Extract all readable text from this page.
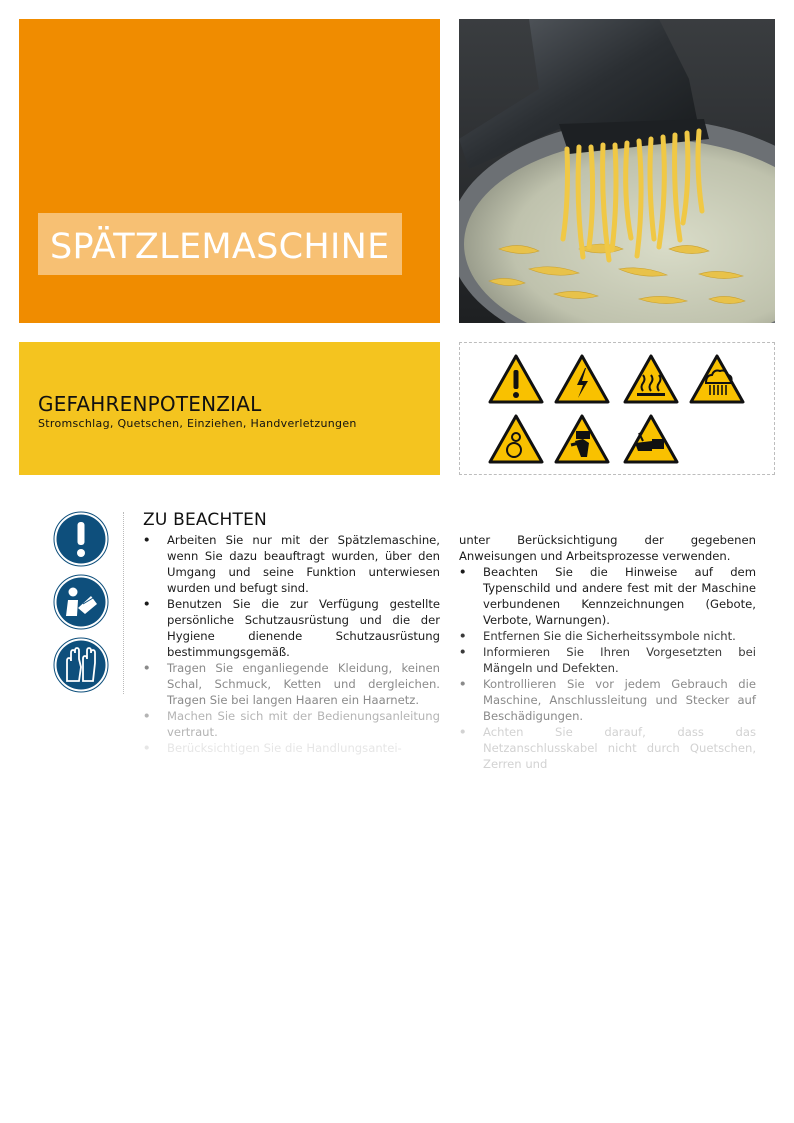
SPÄTZLEMASCHINE
GEFAHRENPOTENZIAL
Stromschlag, Quetschen, Einziehen, Handverletzungen
ZU BEACHTEN
• Arbeiten Sie nur mit der Spätzlemaschine, wenn Sie dazu beauftragt wurden, über den Umgang und seine Funktion unterwiesen wurden und befugt sind.
• Benutzen Sie die zur Verfügung gestellte persönliche Schutzausrüstung und die der Hygiene dienende Schutzausrüstung bestimmungsgemäß.
• Tragen Sie enganliegende Kleidung, keinen Schal, Schmuck, Ketten und dergleichen. Tragen Sie bei langen Haaren ein Haarnetz.
• Machen Sie sich mit der Bedienungsanleitung vertraut.
• Berücksichtigen Sie die Handlungsantei-
unter Berücksichtigung der gegebenen Anweisungen und Arbeitsprozesse verwenden.
• Beachten Sie die Hinweise auf dem Typenschild und andere fest mit der Maschine verbundenen Kennzeichnungen (Gebote, Verbote, Warnungen).
• Entfernen Sie die Sicherheitssymbole nicht.
• Informieren Sie Ihren Vorgesetzten bei Mängeln und Defekten.
• Kontrollieren Sie vor jedem Gebrauch die Maschine, Anschlussleitung und Stecker auf Beschädigungen.
• Achten Sie darauf, dass das Netzanschlusskabel nicht durch Quetschen, Zerren und
